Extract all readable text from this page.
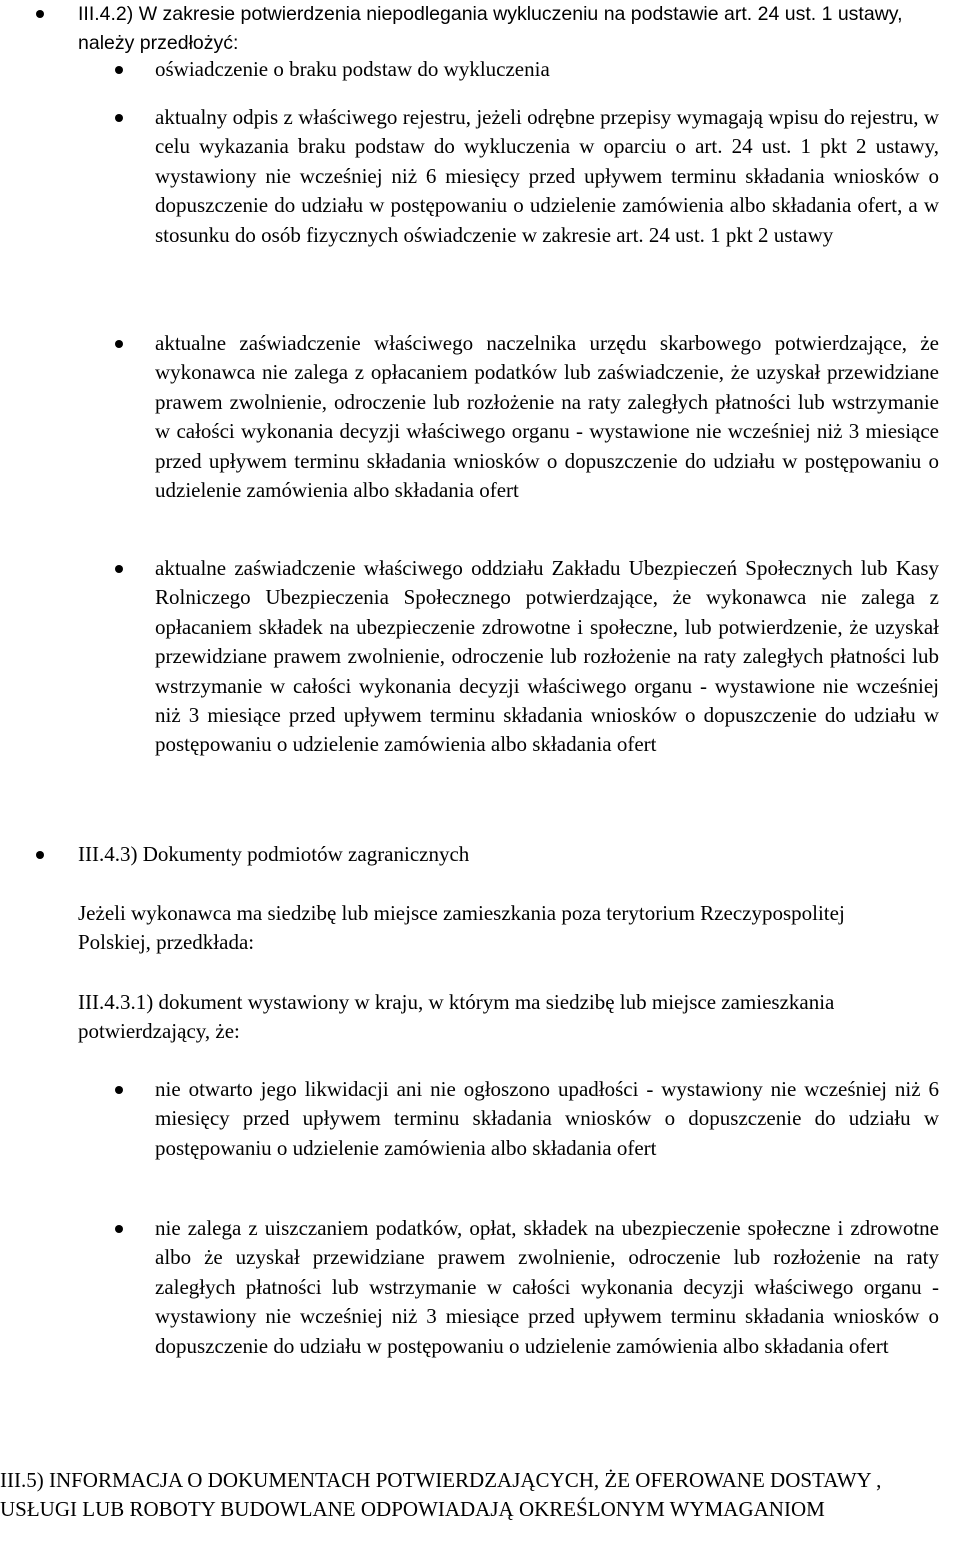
III.4.2) W zakresie potwierdzenia niepodlegania wykluczeniu na podstawie art. 24 ust. 1 ustawy, należy przedłożyć:
oświadczenie o braku podstaw do wykluczenia
aktualny odpis z właściwego rejestru, jeżeli odrębne przepisy wymagają wpisu do rejestru, w celu wykazania braku podstaw do wykluczenia w oparciu o art. 24 ust. 1 pkt 2 ustawy, wystawiony nie wcześniej niż 6 miesięcy przed upływem terminu składania wniosków o dopuszczenie do udziału w postępowaniu o udzielenie zamówienia albo składania ofert, a w stosunku do osób fizycznych oświadczenie w zakresie art. 24 ust. 1 pkt 2 ustawy
aktualne zaświadczenie właściwego naczelnika urzędu skarbowego potwierdzające, że wykonawca nie zalega z opłacaniem podatków lub zaświadczenie, że uzyskał przewidziane prawem zwolnienie, odroczenie lub rozłożenie na raty zaległych płatności lub wstrzymanie w całości wykonania decyzji właściwego organu - wystawione nie wcześniej niż 3 miesiące przed upływem terminu składania wniosków o dopuszczenie do udziału w postępowaniu o udzielenie zamówienia albo składania ofert
aktualne zaświadczenie właściwego oddziału Zakładu Ubezpieczeń Społecznych lub Kasy Rolniczego Ubezpieczenia Społecznego potwierdzające, że wykonawca nie zalega z opłacaniem składek na ubezpieczenie zdrowotne i społeczne, lub potwierdzenie, że uzyskał przewidziane prawem zwolnienie, odroczenie lub rozłożenie na raty zaległych płatności lub wstrzymanie w całości wykonania decyzji właściwego organu - wystawione nie wcześniej niż 3 miesiące przed upływem terminu składania wniosków o dopuszczenie do udziału w postępowaniu o udzielenie zamówienia albo składania ofert
III.4.3) Dokumenty podmiotów zagranicznych
Jeżeli wykonawca ma siedzibę lub miejsce zamieszkania poza terytorium Rzeczypospolitej Polskiej, przedkłada:
III.4.3.1) dokument wystawiony w kraju, w którym ma siedzibę lub miejsce zamieszkania potwierdzający, że:
nie otwarto jego likwidacji ani nie ogłoszono upadłości - wystawiony nie wcześniej niż 6 miesięcy przed upływem terminu składania wniosków o dopuszczenie do udziału w postępowaniu o udzielenie zamówienia albo składania ofert
nie zalega z uiszczaniem podatków, opłat, składek na ubezpieczenie społeczne i zdrowotne albo że uzyskał przewidziane prawem zwolnienie, odroczenie lub rozłożenie na raty zaległych płatności lub wstrzymanie w całości wykonania decyzji właściwego organu - wystawiony nie wcześniej niż 3 miesiące przed upływem terminu składania wniosków o dopuszczenie do udziału w postępowaniu o udzielenie zamówienia albo składania ofert
III.5) INFORMACJA O DOKUMENTACH POTWIERDZAJĄCYCH, ŻE OFEROWANE DOSTAWY , USŁUGI LUB ROBOTY BUDOWLANE ODPOWIADAJĄ OKREŚLONYM WYMAGANIOM
